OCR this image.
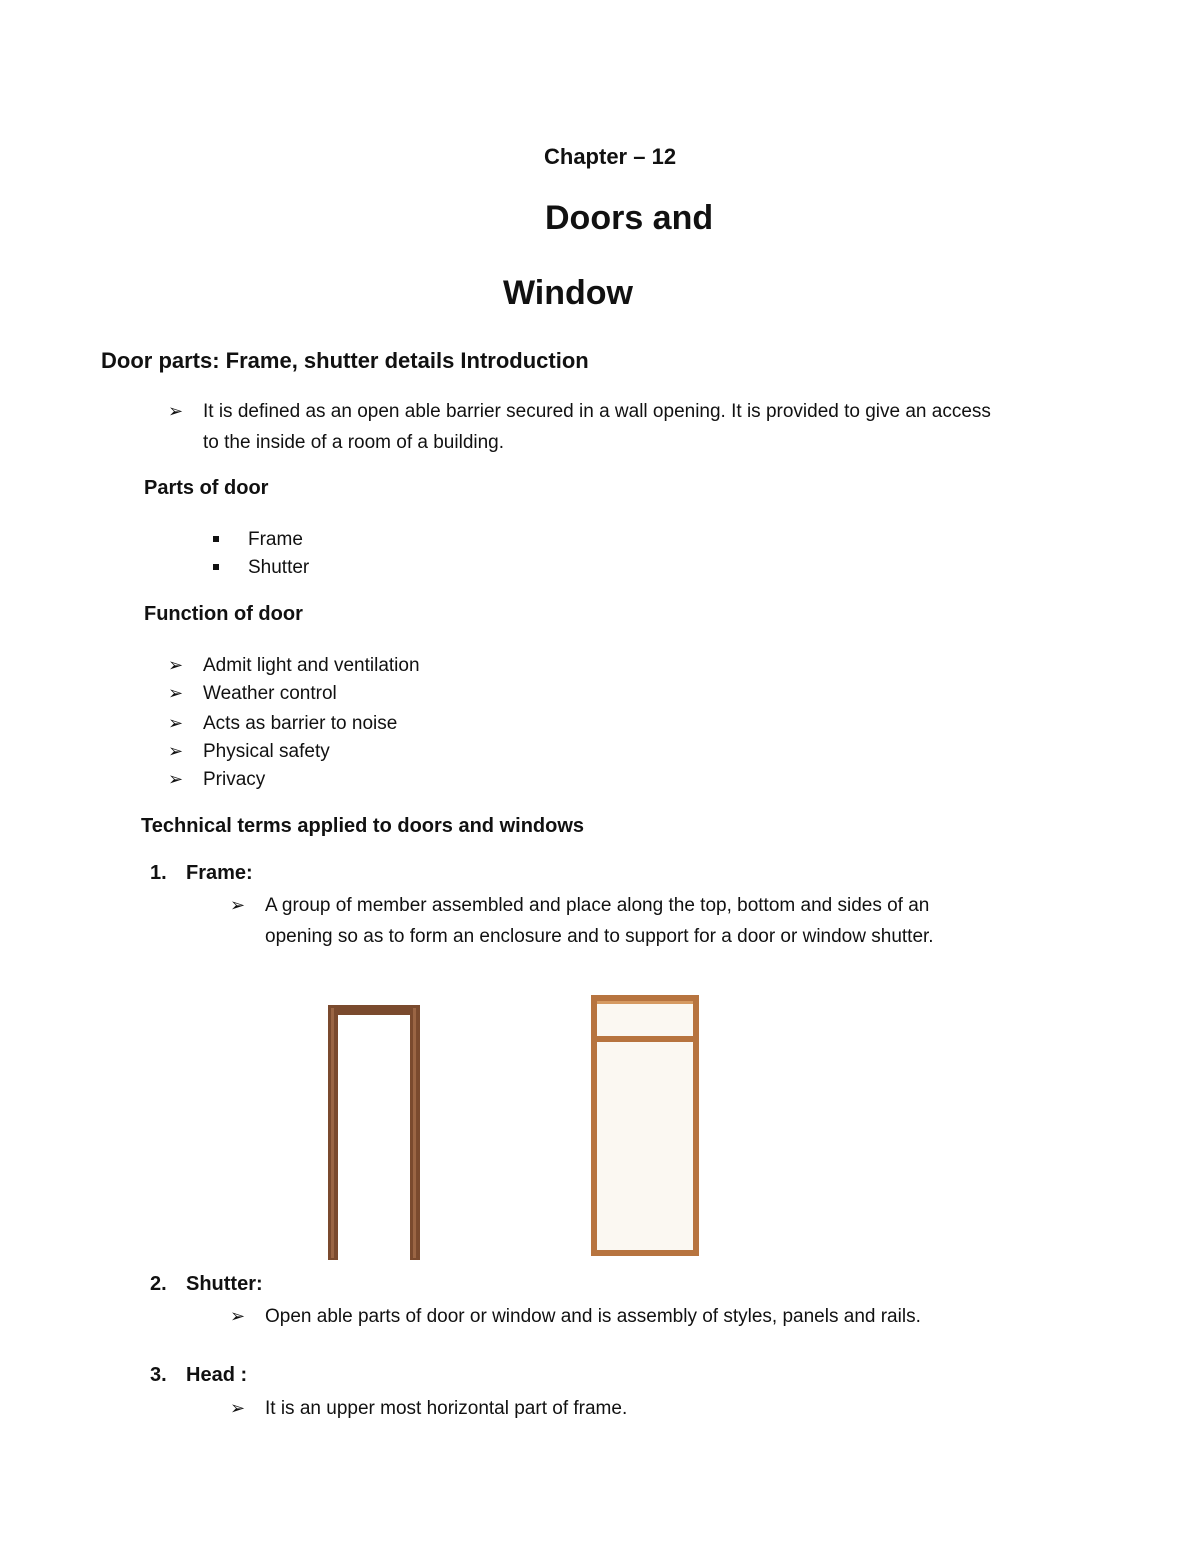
Chapter – 12
Doors and
Window
Door parts: Frame, shutter details Introduction
➢ It is defined as an open able barrier secured in a wall opening. It is provided to give an access to the inside of a room of a building.
Parts of door
Frame
Shutter
Function of door
➢ Admit light and ventilation
➢ Weather control
➢ Acts as barrier to noise
➢ Physical safety
➢ Privacy
Technical terms applied to doors and windows
1. Frame:
➢ A group of member assembled and place along the top, bottom and sides of an opening so as to form an enclosure and to support for a door or window shutter.
2. Shutter:
➢ Open able parts of door or window and is assembly of styles, panels and rails.
3. Head :
➢ It is an upper most horizontal part of frame.
